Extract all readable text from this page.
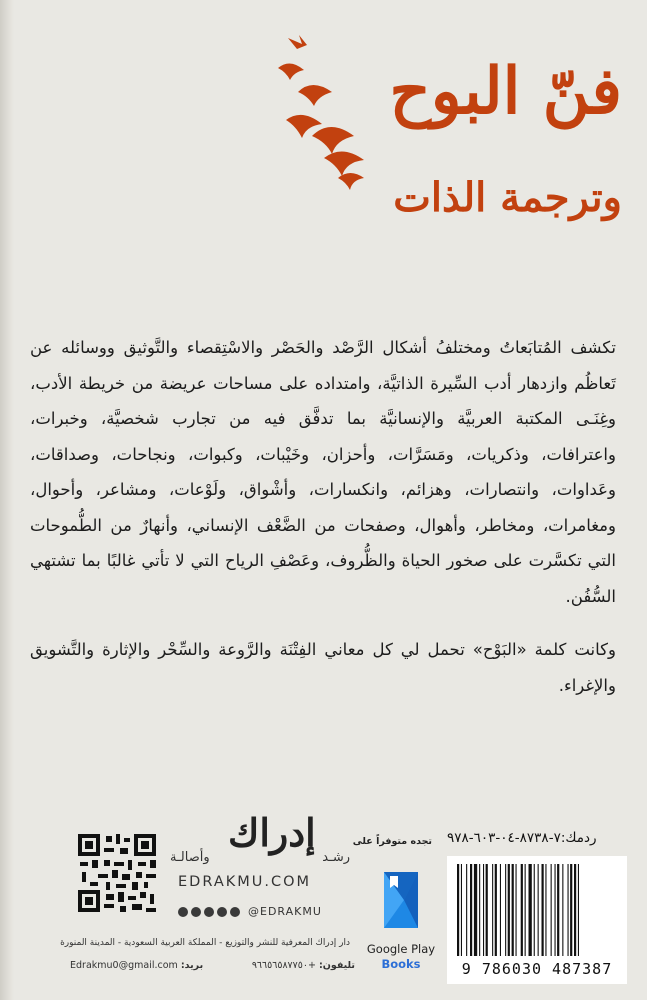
فنّ البوح
وترجمة الذات

تكشف المُتابَعاتُ ومختلفُ أشكال الرَّصْد والحَصْر والاسْتِقصاء والتَّوثيق ووسائله عن تَعاظُم وازدهار أدب السِّيرة الذاتيَّة، وامتداده على مساحات عريضة من خريطة الأدب، وغِنَـى المكتبة العربيَّة والإنسانيَّة بما تدفَّق فيه من تجارب شخصيَّة، وخبرات، واعترافات، وذكريات، ومَسَرَّات، وأحزان، وخَيْبات، وكبوات، ونجاحات، وصداقات، وعَداوات، وانتصارات، وهزائم، وانكسارات، وأشْواق، ولَوْعات، ومشاعر، وأحوال، ومغامرات، ومخاطر، وأهوال، وصفحات من الضَّعْف الإنساني، وأنهارٌ من الطُّموحات التي تكسَّرت على صخور الحياة والظُّروف، وعَصْفِ الرياح التي لا تأتي غالبًا بما تشتهي السُّفُن.

وكانت كلمة «البَوْح» تحمل لي كل معاني الفِتْنَة والرَّوعة والسِّحْر والإثارة والتَّشويق والإغراء.

إدراك
رشـد
وأصالـة
EDRAKMU.COM
@EDRAKMU
دار إدراك المعرفية للنشر والتوزيع - المملكة العربية السعودية - المدينة المنورة
تليفون: ٩٦٦٥٦٥٨٧٧٥٠+
بريد: Edrakmu0@gmail.com
تجده متوفراً على
Google Play
Books
ردمك:٧-٨٧٣٨-٠٤-٦٠٣-٩٧٨
9 786030 487387
